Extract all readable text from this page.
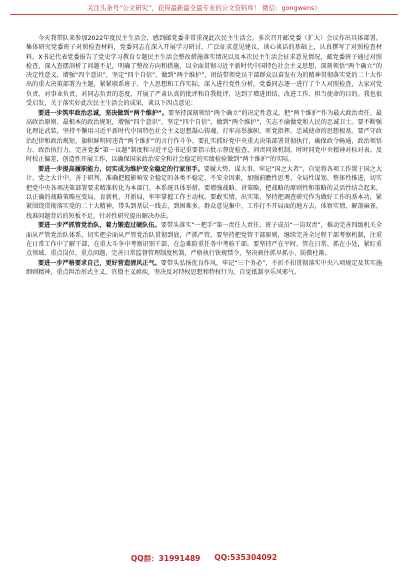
关注头条号“公文研究”，获得最新最全最专业的公文资料库！ 微信：gongwens）

今天我带队来参加2022年度民主生活会，感到邮党委非常重视此次民主生活会。多次召开邮党委（扩大）会议作出具体部署，集体研究党委班子对照检查材料，党委同志在深入开展学习研讨，广泛征求意见建议，谈心谈话的基础上，认真撰写了对照检查材料，X书记代表党委报告了党史学习教育专题民主生活会整改措施落实情况以及本次民主生活会征求意见情况，邮党委班子通过对照检查，深入查摆剖析了问题不足，明确了整改方向和措施，以全面贯彻习近平新时代中国特色社会主义思想，深刻领悟“两个确立”的决定性意义，增强“四个意识”，坚定“四个自信”，做到“两个维护”，团结带领党员干部群众以奋发有为的精神贯彻落实党的二十大作出的重大决策部署为主题，紧紧联系班子、个人思想和工作实际，深入进行党性分析。党委同志逐一进行了个人对照检查，大家对党负责、对事业负责、对同志负责的态度，开展了严肃认真的批评和自我批评，达到了增进团结、改进工作、担当使命的目的。我也很受启发，关于落实好此次民主生活会的成果，谈以下四点意见：

要进一步筑牢政治忠诚，坚决做到“两个维护”。要坚持深刻领悟“两个确立”的决定性意义，把“两个维护”作为最大政治责任、最高政治原则、最根本的政治规矩，增强“四个意识”，坚定“四个自信”，做到“两个维护”，矢志不渝做党和人民的忠诚卫士。要不断强化理论武装，坚持不懈用习近平新时代中国特色社会主义思想凝心铸魂，打牢高举旗帜、听党指挥、忠诚使命的思想根基。要严守政治纪律和政治规矩，旗帜鲜明同违背“两个维护”的言行作斗争。要扎实抓好党中央重大决策部署贯彻执行，确保政令畅通，政治领悟力、政治执行力，完善党委“第一议题”制度和习近平总书记重要指示批示督促检查、问责问效机制，时时同党中央精神对标对表。及时校正偏差，创造性开展工作，以确保国家政治安全和社会稳定的实绩检验做到“两个维护”的实际。

要进一步提高履职能力，切实成为维护安全稳定的行家里手。要履大势、谋大事，牢记“国之大者”，自觉将各项工作置于国之大计、党之大计中，善于研判、准确把握影响安全稳定的各类不稳定、不安全因素，加强前瞻性思考、全局性谋划、整体性推进，切实把党中央各项决策部署要求精准转化为本部门、本系统具体举措。要增强战略、讲策略，把战略的原则性和策略的灵活性结合起来，以正确的战略策略应变局、育新机、开新局，牢牢掌握工作主动权。要敢实情、出实策，坚持把调查研究作为做好工作的基本功，紧紧围绕贯彻落实党的二十大精神，带头到基层一线去，到困难多、群众意见集中、工作打不开局面的地方去，体察实情、解剖麻雀，找准问题背后的短板不足，针对性研究提出解决办法。

要进一步严抓管党治队，着力锻造过硬队伍。要带头落实“一把手”第一责任人责任、班子成员“一岗双责”，推动完善四级机关全面从严管党治队体系，切实把全面从严管党治队贯彻到底，严抓严管。要坚持把党管干部原则，继续完善全过程干部考察机制，注重在日常工作中了解干部，在重大斗争中考察识别干部，在急难险重任务中考验干部。要坚持严在平时、管在日常、抓在小处，紧盯重点领域、重点岗位、重点问题，完善日常监督管理制度机制，严格执行铁规禁令，坚决刹住抓早抓小、防微杜渐。

要进一步严格要求自己，更好营造清风正气。要带头弘扬优良作风，牢记“三个务必”，不折不扣贯彻落实中央八项规定及其实施细则精神，重点纠治形式主义、官僚主义顽疾，坚决反对特权思想和特权行为，自觉抵制享乐风邪气。

QQ群：31991489 QQ:535304092
